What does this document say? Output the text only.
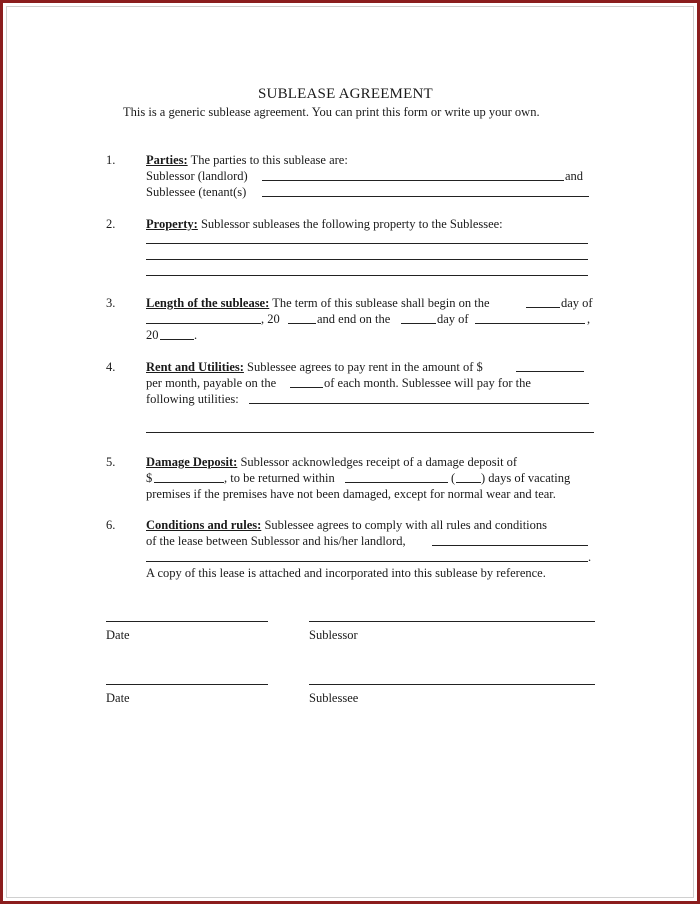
SUBLEASE AGREEMENT
This is a generic sublease agreement. You can print this form or write up your own.
1. Parties: The parties to this sublease are:
Sublessor (landlord)	and
Sublessee (tenant(s)
2. Property: Sublessor subleases the following property to the Sublessee:
3. Length of the sublease: The term of this sublease shall begin on the	day of
, 20	and end on the	day of	,
20	.
4. Rent and Utilities: Sublessee agrees to pay rent in the amount of $
per month, payable on the	of each month. Sublessee will pay for the
following utilities:
5. Damage Deposit: Sublessor acknowledges receipt of a damage deposit of
$	, to be returned within	( ) days of vacating
premises if the premises have not been damaged, except for normal wear and tear.
6. Conditions and rules: Sublessee agrees to comply with all rules and conditions
of the lease between Sublessor and his/her landlord,
.
A copy of this lease is attached and incorporated into this sublease by reference.
Date	Sublessor
Date	Sublessee
